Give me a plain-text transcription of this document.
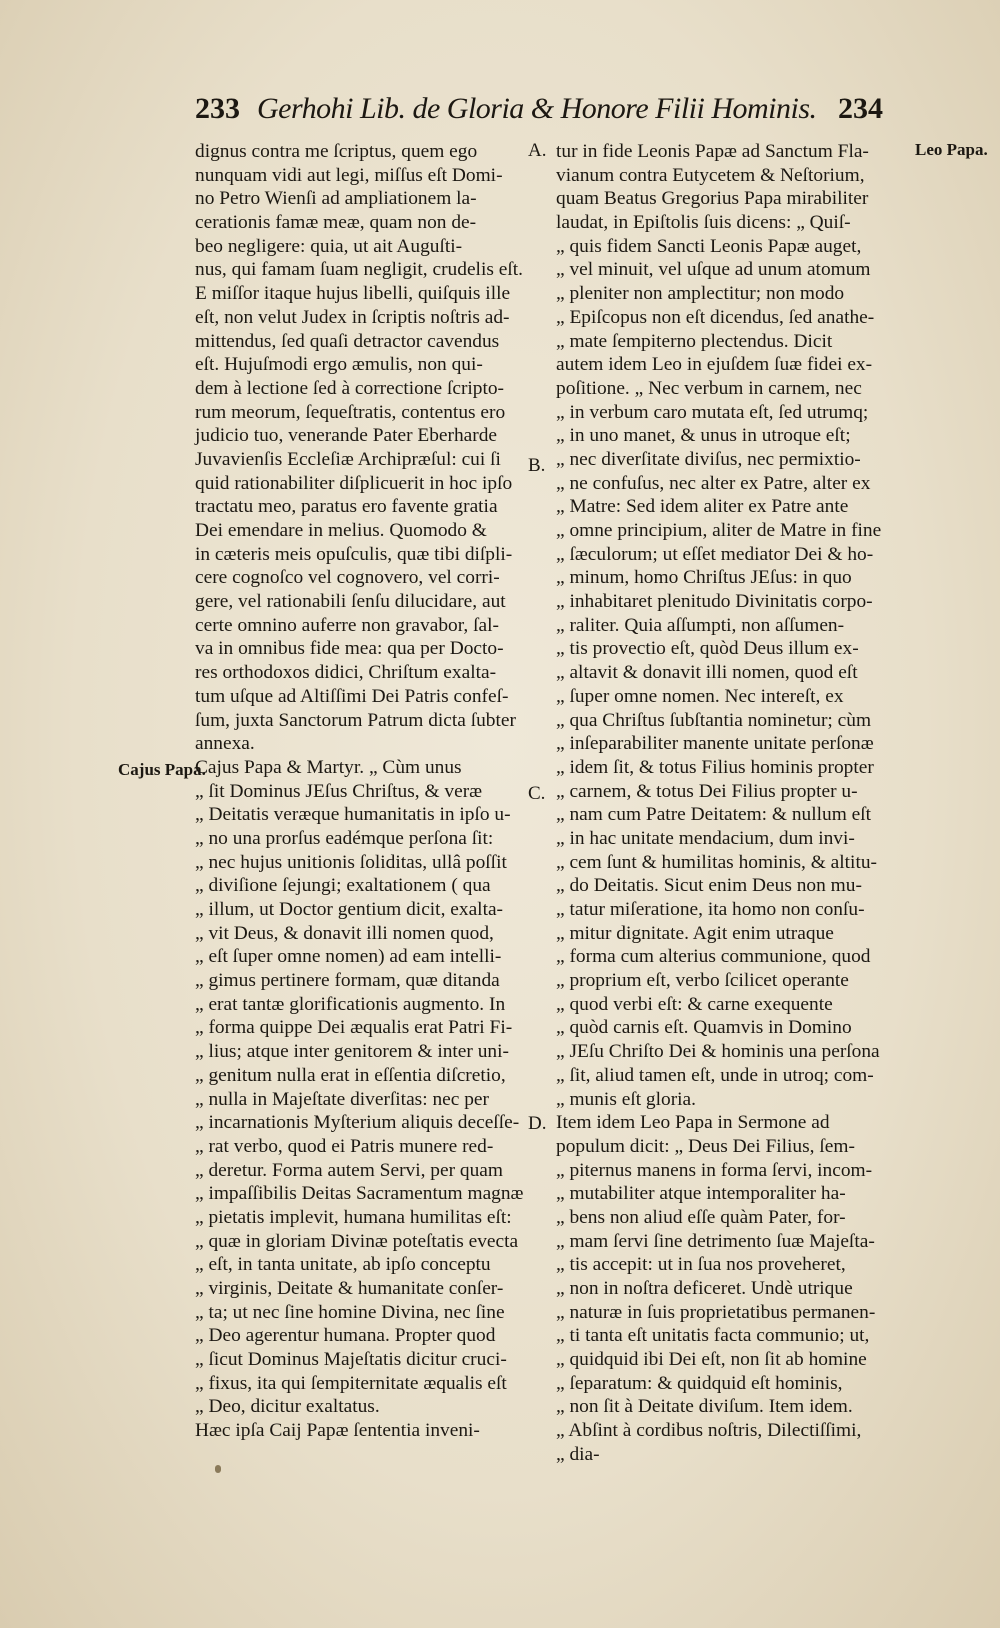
233 Gerhohi Lib. de Gloria & Honore Filii Hominis. 234
Leo Papa.
Cajus Papa.
A.
B.
C.
D.
dignus contra me ſcriptus, quem ego
nunquam vidi aut legi, miſſus eſt Domi-
no Petro Wienſi ad ampliationem la-
cerationis famæ meæ, quam non de-
beo negligere: quia, ut ait Auguſti-
nus, qui famam ſuam negligit, crudelis eſt.
E miſſor itaque hujus libelli, quiſquis ille
eſt, non velut Judex in ſcriptis noſtris ad-
mittendus, ſed quaſi detractor cavendus
eſt. Hujuſmodi ergo æmulis, non qui-
dem à lectione ſed à correctione ſcripto-
rum meorum, ſequeſtratis, contentus ero
judicio tuo, venerande Pater Eberharde
Juvavienſis Eccleſiæ Archipræſul: cui ſi
quid rationabiliter diſplicuerit in hoc ipſo
tractatu meo, paratus ero favente gratia
Dei emendare in melius. Quomodo &
in cæteris meis opuſculis, quæ tibi diſpli-
cere cognoſco vel cognovero, vel corri-
gere, vel rationabili ſenſu dilucidare, aut
certe omnino auferre non gravabor, ſal-
va in omnibus fide mea: qua per Docto-
res orthodoxos didici, Chriſtum exalta-
tum uſque ad Altiſſimi Dei Patris confeſ-
ſum, juxta Sanctorum Patrum dicta ſubter
annexa.
Cajus Papa & Martyr. „ Cùm unus
„ ſit Dominus JEſus Chriſtus, & veræ
„ Deitatis veræque humanitatis in ipſo u-
„ no una prorſus eadémque perſona ſit:
„ nec hujus unitionis ſoliditas, ullâ poſſit
„ diviſione ſejungi; exaltationem ( qua
„ illum, ut Doctor gentium dicit, exalta-
„ vit Deus, & donavit illi nomen quod,
„ eſt ſuper omne nomen) ad eam intelli-
„ gimus pertinere formam, quæ ditanda
„ erat tantæ glorificationis augmento. In
„ forma quippe Dei æqualis erat Patri Fi-
„ lius; atque inter genitorem & inter uni-
„ genitum nulla erat in eſſentia diſcretio,
„ nulla in Majeſtate diverſitas: nec per
„ incarnationis Myſterium aliquis deceſſe-
„ rat verbo, quod ei Patris munere red-
„ deretur. Forma autem Servi, per quam
„ impaſſibilis Deitas Sacramentum magnæ
„ pietatis implevit, humana humilitas eſt:
„ quæ in gloriam Divinæ poteſtatis evecta
„ eſt, in tanta unitate, ab ipſo conceptu
„ virginis, Deitate & humanitate conſer-
„ ta; ut nec ſine homine Divina, nec ſine
„ Deo agerentur humana. Propter quod
„ ſicut Dominus Majeſtatis dicitur cruci-
„ fixus, ita qui ſempiternitate æqualis eſt
„ Deo, dicitur exaltatus.
Hæc ipſa Caij Papæ ſententia inveni-
tur in fide Leonis Papæ ad Sanctum Fla-
vianum contra Eutycetem & Neſtorium,
quam Beatus Gregorius Papa mirabiliter
laudat, in Epiſtolis ſuis dicens: „ Quiſ-
„ quis fidem Sancti Leonis Papæ auget,
„ vel minuit, vel uſque ad unum atomum
„ pleniter non amplectitur; non modo
„ Epiſcopus non eſt dicendus, ſed anathe-
„ mate ſempiterno plectendus. Dicit
autem idem Leo in ejuſdem ſuæ fidei ex-
poſitione. „ Nec verbum in carnem, nec
„ in verbum caro mutata eſt, ſed utrumq;
„ in uno manet, & unus in utroque eſt;
„ nec diverſitate diviſus, nec permixtio-
„ ne confuſus, nec alter ex Patre, alter ex
„ Matre: Sed idem aliter ex Patre ante
„ omne principium, aliter de Matre in fine
„ ſæculorum; ut eſſet mediator Dei & ho-
„ minum, homo Chriſtus JEſus: in quo
„ inhabitaret plenitudo Divinitatis corpo-
„ raliter. Quia aſſumpti, non aſſumen-
„ tis provectio eſt, quòd Deus illum ex-
„ altavit & donavit illi nomen, quod eſt
„ ſuper omne nomen. Nec intereſt, ex
„ qua Chriſtus ſubſtantia nominetur; cùm
„ inſeparabiliter manente unitate perſonæ
„ idem ſit, & totus Filius hominis propter
„ carnem, & totus Dei Filius propter u-
„ nam cum Patre Deitatem: & nullum eſt
„ in hac unitate mendacium, dum invi-
„ cem ſunt & humilitas hominis, & altitu-
„ do Deitatis. Sicut enim Deus non mu-
„ tatur miſeratione, ita homo non conſu-
„ mitur dignitate. Agit enim utraque
„ forma cum alterius communione, quod
„ proprium eſt, verbo ſcilicet operante
„ quod verbi eſt: & carne exequente
„ quòd carnis eſt. Quamvis in Domino
„ JEſu Chriſto Dei & hominis una perſona
„ ſit, aliud tamen eſt, unde in utroq; com-
„ munis eſt gloria.
Item idem Leo Papa in Sermone ad
populum dicit: „ Deus Dei Filius, ſem-
„ piternus manens in forma ſervi, incom-
„ mutabiliter atque intemporaliter ha-
„ bens non aliud eſſe quàm Pater, for-
„ mam ſervi ſine detrimento ſuæ Majeſta-
„ tis accepit: ut in ſua nos proveheret,
„ non in noſtra deficeret. Undè utrique
„ naturæ in ſuis proprietatibus permanen-
„ ti tanta eſt unitatis facta communio; ut,
„ quidquid ibi Dei eſt, non ſit ab homine
„ ſeparatum: & quidquid eſt hominis,
„ non ſit à Deitate diviſum. Item idem.
„ Abſint à cordibus noſtris, Dilectiſſimi,
„ dia-
